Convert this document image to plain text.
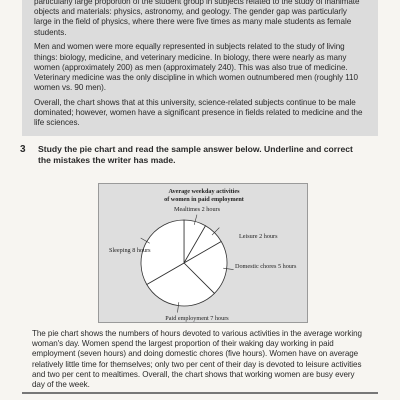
particularly large proportion of the student group in subjects related to the study of inanimate objects and materials: physics, astronomy, and geology. The gender gap was particularly large in the field of physics, where there were five times as many male students as female students.

Men and women were more equally represented in subjects related to the study of living things: biology, medicine, and veterinary medicine. In biology, there were nearly as many women (approximately 200) as men (approximately 240). This was also true of medicine. Veterinary medicine was the only discipline in which women outnumbered men (roughly 110 women vs. 90 men).

Overall, the chart shows that at this university, science-related subjects continue to be male dominated; however, women have a significant presence in fields related to medicine and the life sciences.

3 Study the pie chart and read the sample answer below. Underline and correct the mistakes the writer has made.
Average weekday activities
of women in paid employment
Mealtimes 2 hours
Leisure 2 hours
Domestic chores 5 hours
Paid employment 7 hours
Sleeping 8 hours

The pie chart shows the numbers of hours devoted to various activities in the average working woman's day. Women spend the largest proportion of their waking day working in paid employment (seven hours) and doing domestic chores (five hours). Women have on average relatively little time for themselves; only two per cent of their day is devoted to leisure activities and two per cent to mealtimes. Overall, the chart shows that working women are busy every day of the week.
